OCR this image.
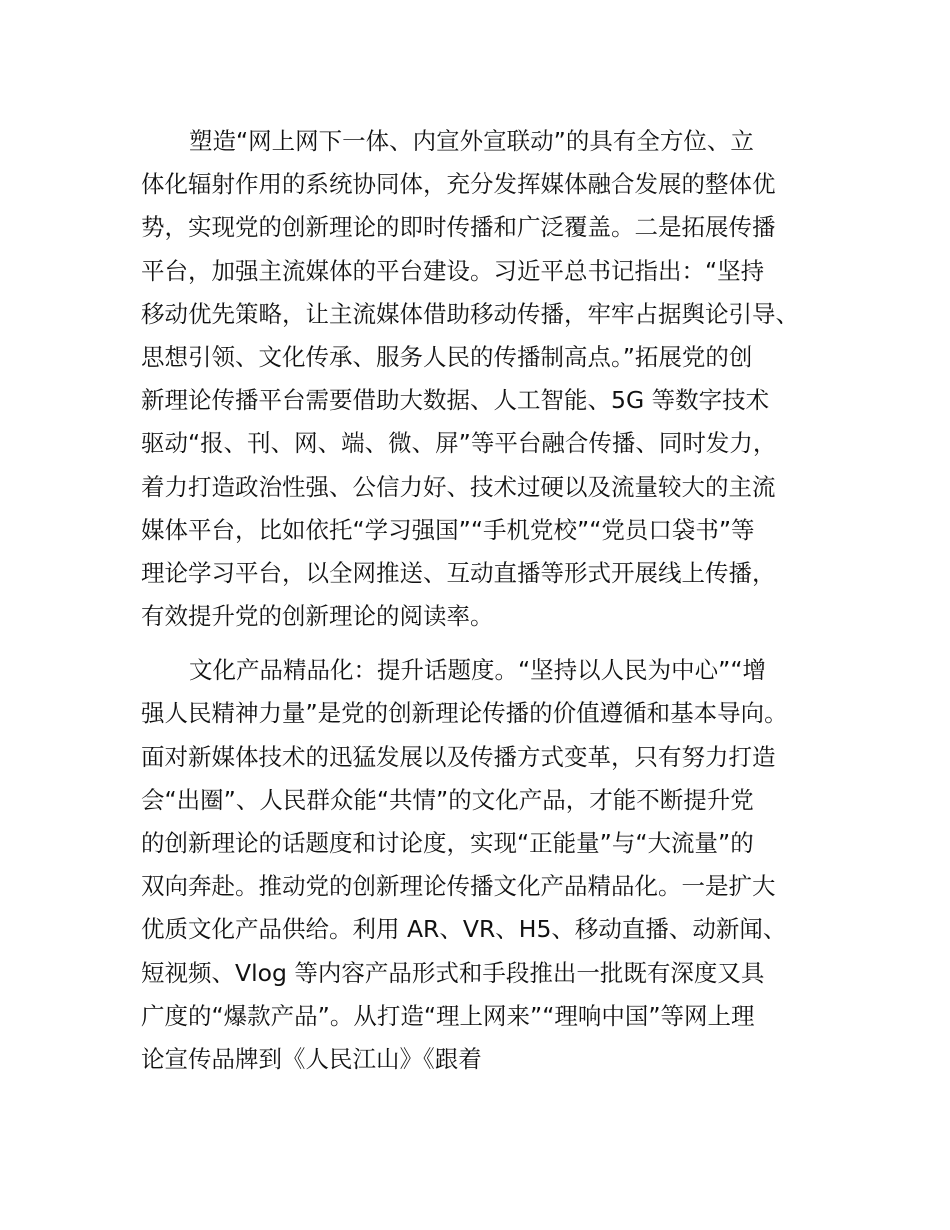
塑造“网上网下一体、内宣外宣联动”的具有全方位、立
体化辐射作用的系统协同体，充分发挥媒体融合发展的整体优
势，实现党的创新理论的即时传播和广泛覆盖。二是拓展传播
平台，加强主流媒体的平台建设。习近平总书记指出：“坚持
移动优先策略，让主流媒体借助移动传播，牢牢占据舆论引导、
思想引领、文化传承、服务人民的传播制高点。”拓展党的创
新理论传播平台需要借助大数据、人工智能、5G 等数字技术
驱动“报、刊、网、端、微、屏”等平台融合传播、同时发力，
着力打造政治性强、公信力好、技术过硬以及流量较大的主流
媒体平台，比如依托“学习强国”“手机党校”“党员口袋书”等
理论学习平台，以全网推送、互动直播等形式开展线上传播，
有效提升党的创新理论的阅读率。
文化产品精品化：提升话题度。“坚持以人民为中心”“增
强人民精神力量”是党的创新理论传播的价值遵循和基本导向。
面对新媒体技术的迅猛发展以及传播方式变革，只有努力打造
会“出圈”、人民群众能“共情”的文化产品，才能不断提升党
的创新理论的话题度和讨论度，实现“正能量”与“大流量”的
双向奔赴。推动党的创新理论传播文化产品精品化。一是扩大
优质文化产品供给。利用 AR、VR、H5、移动直播、动新闻、
短视频、Vlog 等内容产品形式和手段推出一批既有深度又具
广度的“爆款产品”。从打造“理上网来”“理响中国”等网上理
论宣传品牌到《人民江山》《跟着
